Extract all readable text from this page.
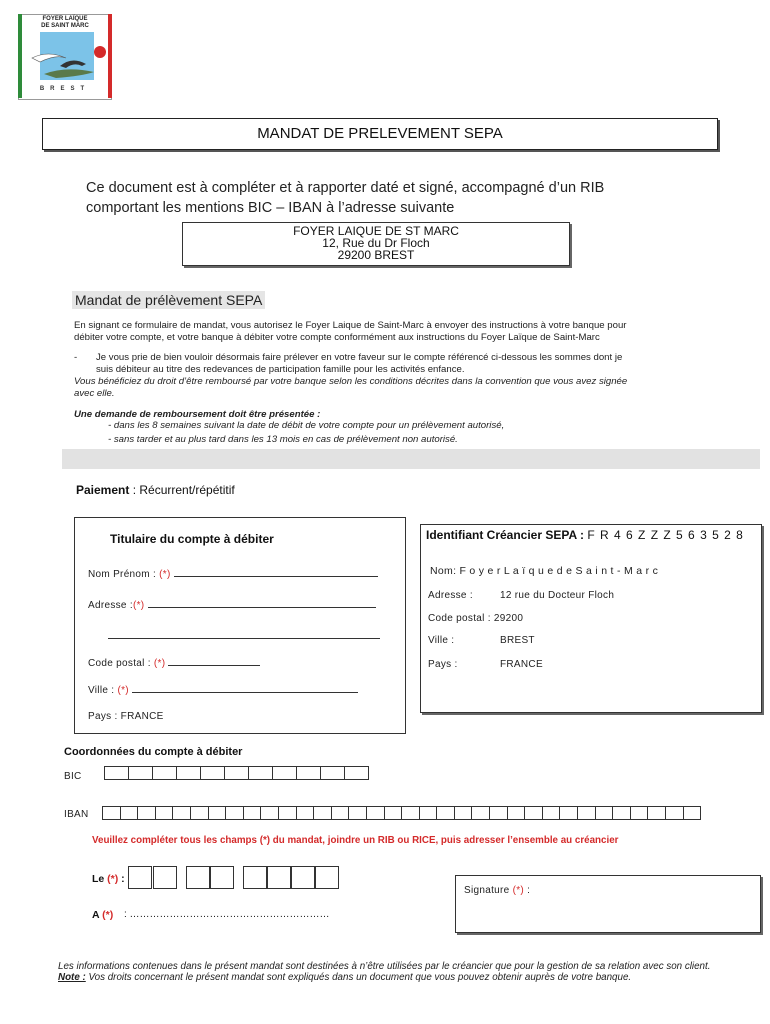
FOYER LAÏQUE
DE SAINT MARC
BREST
MANDAT DE PRELEVEMENT SEPA
Ce document est à compléter et à rapporter daté et signé, accompagné d’un RIB
comportant les mentions BIC – IBAN à l’adresse suivante
FOYER LAIQUE DE ST MARC
12, Rue du Dr Floch
29200 BREST
Mandat de prélèvement SEPA
En signant ce formulaire de mandat, vous autorisez le Foyer Laique de Saint-Marc à envoyer des instructions à votre banque pour
débiter votre compte, et votre banque à débiter votre compte conformément aux instructions du Foyer Laïque de Saint-Marc
- Je vous prie de bien vouloir désormais faire prélever en votre faveur sur le compte référencé ci-dessous les sommes dont je
suis débiteur au titre des redevances de participation famille pour les activités enfance.
Vous bénéficiez du droit d’être remboursé par votre banque selon les conditions décrites dans la convention que vous avez signée
avec elle.
Une demande de remboursement doit être présentée :
- dans les 8 semaines suivant la date de débit de votre compte pour un prélèvement autorisé,
- sans tarder et au plus tard dans les 13 mois en cas de prélèvement non autorisé.
Paiement : Récurrent/répétitif
Titulaire du compte à débiter
Nom Prénom : (*)
Adresse :(*)
Code postal : (*)
Ville : (*)
Pays : FRANCE
Identifiant Créancier SEPA : F R 4 6 Z Z Z 5 6 3 5 2 8
Nom: F o y e r L a ï q u e d e S a i n t - M a r c
Adresse :	12 rue du Docteur Floch
Code postal : 29200
Ville :	BREST
Pays :	FRANCE
Coordonnées du compte à débiter
BIC
IBAN
Veuillez compléter tous les champs (*) du mandat, joindre un RIB ou RICE, puis adresser l’ensemble au créancier
Le (*) :
A (*) : ……………………………………………………
Signature (*) :
Les informations contenues dans le présent mandat sont destinées à n’être utilisées par le créancier que pour la gestion de sa relation avec son client.
Note : Vos droits concernant le présent mandat sont expliqués dans un document que vous pouvez obtenir auprès de votre banque.
